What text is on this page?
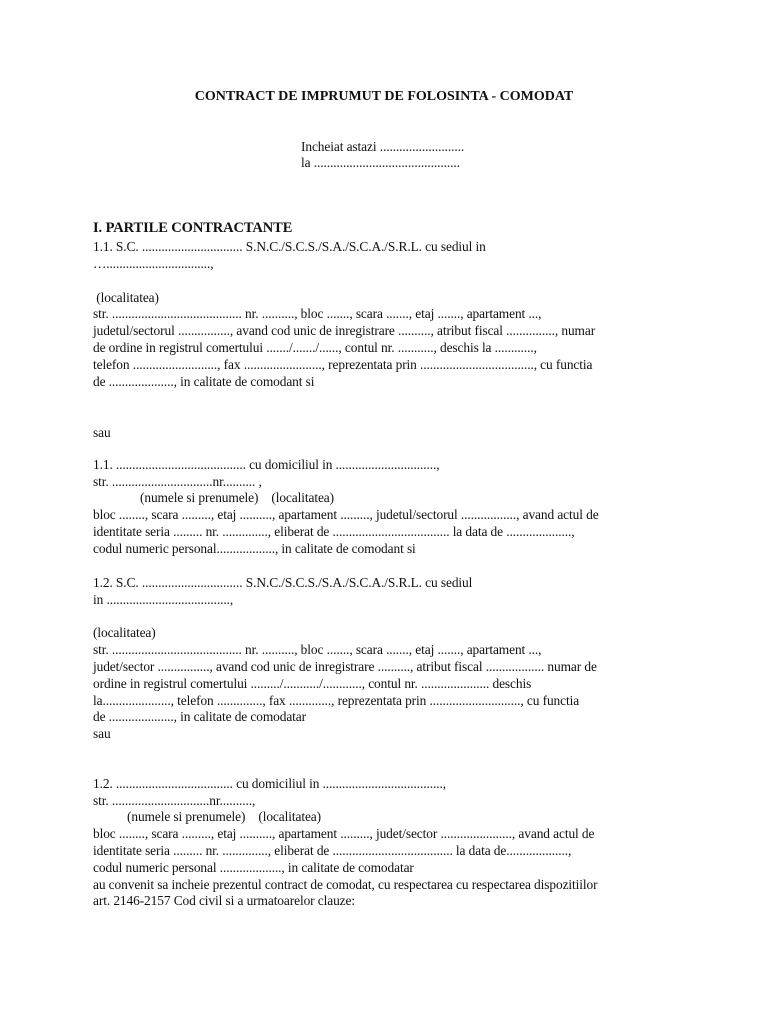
CONTRACT DE IMPRUMUT DE FOLOSINTA - COMODAT
Incheiat astazi ..........................
la .............................................
I. PARTILE CONTRACTANTE
1.1. S.C. ............................... S.N.C./S.C.S./S.A./S.C.A./S.R.L. cu sediul in
…................................,
(localitatea)
str. ........................................ nr. .........., bloc ......., scara ......., etaj ......., apartament ...,
judetul/sectorul ................, avand cod unic de inregistrare .........., atribut fiscal ..............., numar
de ordine in registrul comertului ......./......./......, contul nr. ..........., deschis la ............,
telefon .........................., fax ........................, reprezentata prin ..................................., cu functia
de ...................., in calitate de comodant si
sau
1.1. ........................................ cu domiciliul in ...............................,
str. ...............................nr.......... ,
(numele si prenumele)    (localitatea)
bloc ........, scara ........., etaj .........., apartament ........., judetul/sectorul ................., avand actul de
identitate seria ......... nr. .............., eliberat de .................................... la data de ....................,
codul numeric personal.................., in calitate de comodant si
1.2. S.C. ............................... S.N.C./S.C.S./S.A./S.C.A./S.R.L. cu sediul
in ......................................,
(localitatea)
str. ........................................ nr. .........., bloc ......., scara ......., etaj ......., apartament ...,
judet/sector ................, avand cod unic de inregistrare .........., atribut fiscal .................. numar de
ordine in registrul comertului ........./.........../............, contul nr. ..................... deschis
la....................., telefon .............., fax ............., reprezentata prin ............................, cu functia
de ...................., in calitate de comodatar
sau
1.2. .................................... cu domiciliul in .....................................,
str. ..............................nr..........,
(numele si prenumele)    (localitatea)
bloc ........, scara ........., etaj .........., apartament ........., judet/sector ......................, avand actul de
identitate seria ......... nr. .............., eliberat de ..................................... la data de...................,
codul numeric personal ..................., in calitate de comodatar
au convenit sa incheie prezentul contract de comodat, cu respectarea cu respectarea dispozitiilor
art. 2146-2157 Cod civil si a urmatoarelor clauze:
